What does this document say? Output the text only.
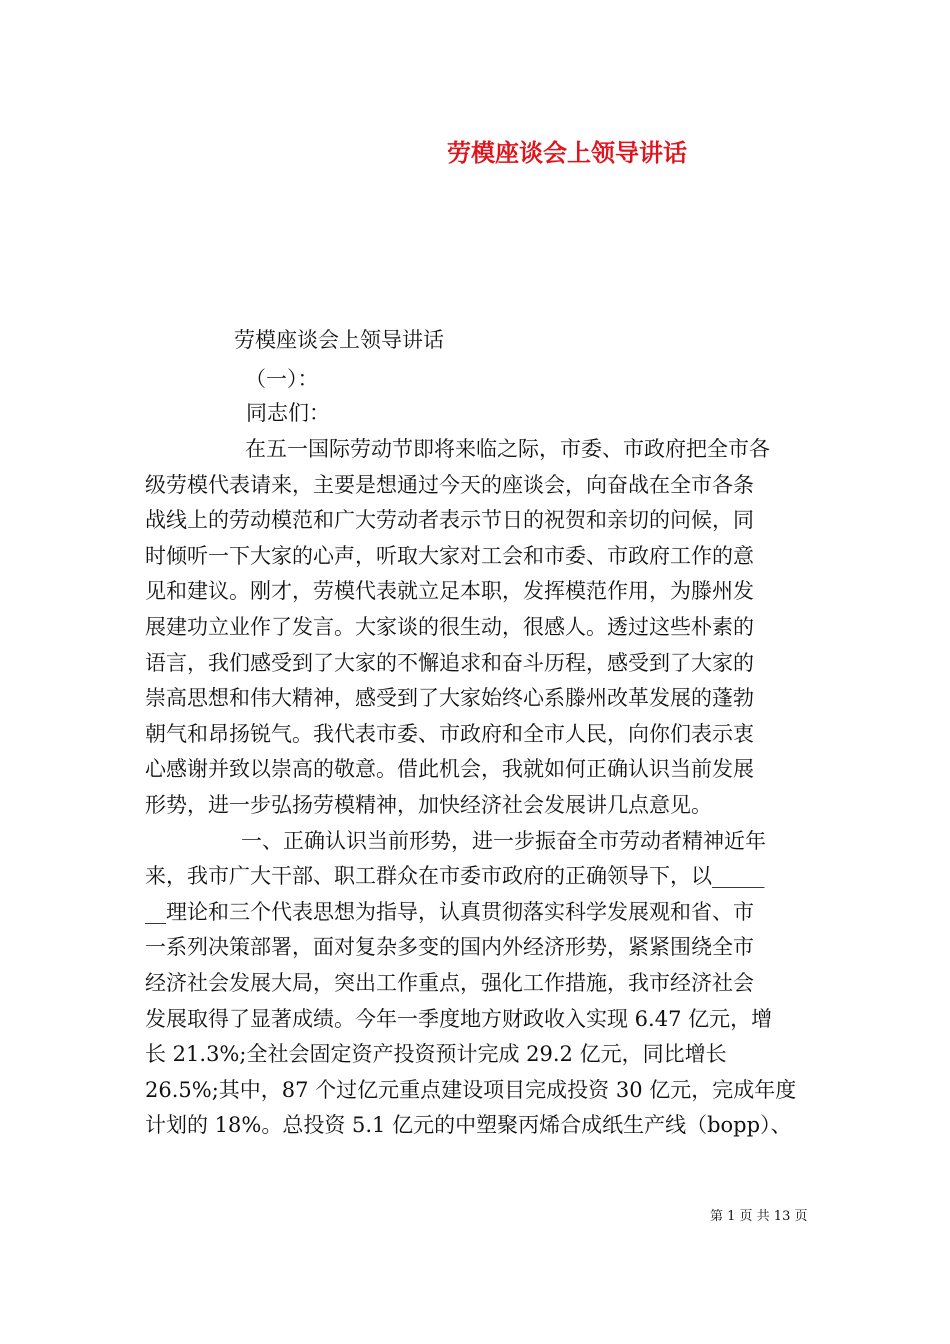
劳模座谈会上领导讲话
劳模座谈会上领导讲话
（一）：
同志们：
在五一国际劳动节即将来临之际，市委、市政府把全市各
级劳模代表请来，主要是想通过今天的座谈会，向奋战在全市各条
战线上的劳动模范和广大劳动者表示节日的祝贺和亲切的问候，同
时倾听一下大家的心声，听取大家对工会和市委、市政府工作的意
见和建议。刚才，劳模代表就立足本职，发挥模范作用，为滕州发
展建功立业作了发言。大家谈的很生动，很感人。透过这些朴素的
语言，我们感受到了大家的不懈追求和奋斗历程，感受到了大家的
崇高思想和伟大精神，感受到了大家始终心系滕州改革发展的蓬勃
朝气和昂扬锐气。我代表市委、市政府和全市人民，向你们表示衷
心感谢并致以崇高的敬意。借此机会，我就如何正确认识当前发展
形势，进一步弘扬劳模精神，加快经济社会发展讲几点意见。
一、正确认识当前形势，进一步振奋全市劳动者精神近年
来，我市广大干部、职工群众在市委市政府的正确领导下，以_____
__理论和三个代表思想为指导，认真贯彻落实科学发展观和省、市
一系列决策部署，面对复杂多变的国内外经济形势，紧紧围绕全市
经济社会发展大局，突出工作重点，强化工作措施，我市经济社会
发展取得了显著成绩。今年一季度地方财政收入实现 6.47 亿元，增
长 21.3%;全社会固定资产投资预计完成 29.2 亿元，同比增长
26.5%;其中，87 个过亿元重点建设项目完成投资 30 亿元，完成年度
计划的 18%。总投资 5.1 亿元的中塑聚丙烯合成纸生产线（bopp）、
第 1 页 共 13 页
